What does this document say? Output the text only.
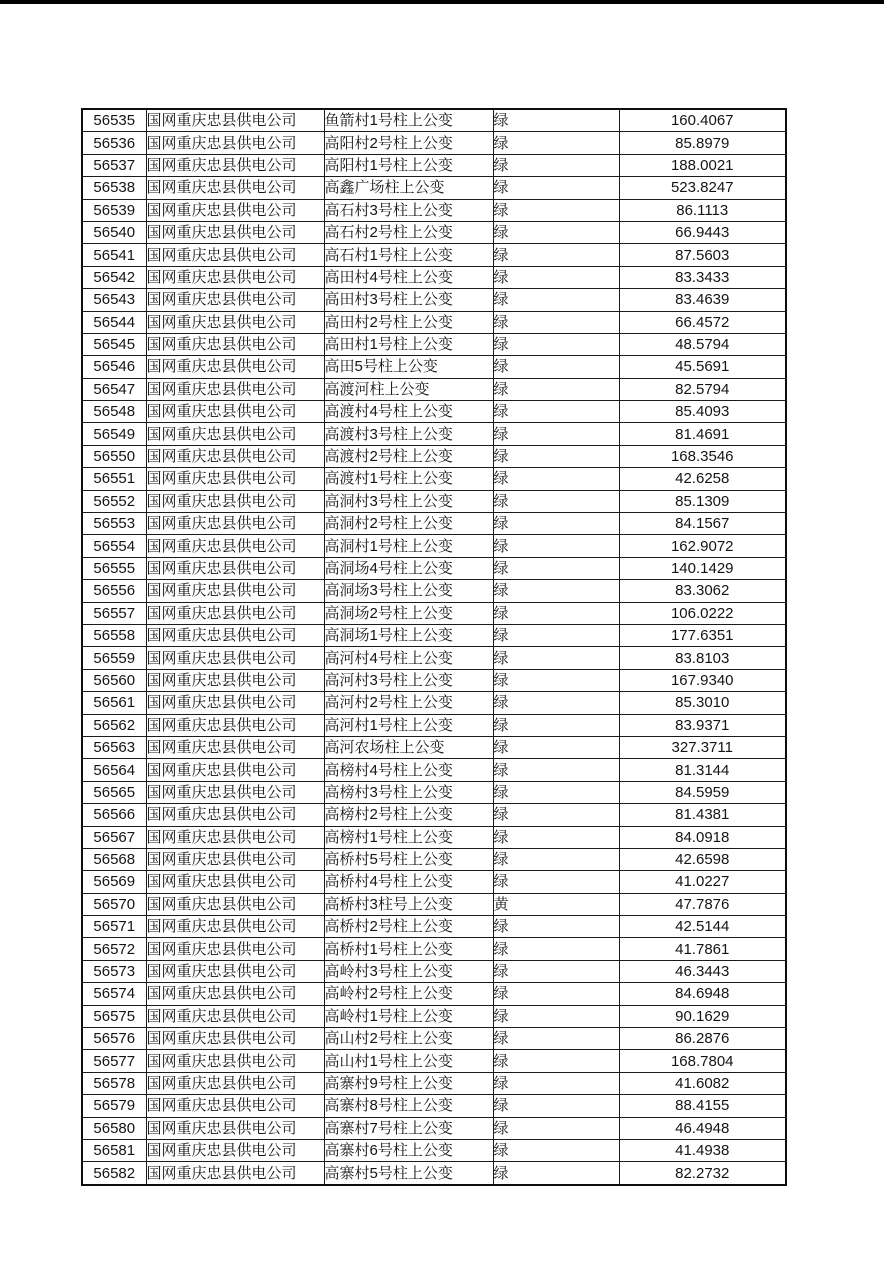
56535	国网重庆忠县供电公司	鱼箭村1号柱上公变	绿	160.4067
56536	国网重庆忠县供电公司	高阳村2号柱上公变	绿	85.8979
56537	国网重庆忠县供电公司	高阳村1号柱上公变	绿	188.0021
56538	国网重庆忠县供电公司	高鑫广场柱上公变	绿	523.8247
56539	国网重庆忠县供电公司	高石村3号柱上公变	绿	86.1113
56540	国网重庆忠县供电公司	高石村2号柱上公变	绿	66.9443
56541	国网重庆忠县供电公司	高石村1号柱上公变	绿	87.5603
56542	国网重庆忠县供电公司	高田村4号柱上公变	绿	83.3433
56543	国网重庆忠县供电公司	高田村3号柱上公变	绿	83.4639
56544	国网重庆忠县供电公司	高田村2号柱上公变	绿	66.4572
56545	国网重庆忠县供电公司	高田村1号柱上公变	绿	48.5794
56546	国网重庆忠县供电公司	高田5号柱上公变	绿	45.5691
56547	国网重庆忠县供电公司	高渡河柱上公变	绿	82.5794
56548	国网重庆忠县供电公司	高渡村4号柱上公变	绿	85.4093
56549	国网重庆忠县供电公司	高渡村3号柱上公变	绿	81.4691
56550	国网重庆忠县供电公司	高渡村2号柱上公变	绿	168.3546
56551	国网重庆忠县供电公司	高渡村1号柱上公变	绿	42.6258
56552	国网重庆忠县供电公司	高洞村3号柱上公变	绿	85.1309
56553	国网重庆忠县供电公司	高洞村2号柱上公变	绿	84.1567
56554	国网重庆忠县供电公司	高洞村1号柱上公变	绿	162.9072
56555	国网重庆忠县供电公司	高洞场4号柱上公变	绿	140.1429
56556	国网重庆忠县供电公司	高洞场3号柱上公变	绿	83.3062
56557	国网重庆忠县供电公司	高洞场2号柱上公变	绿	106.0222
56558	国网重庆忠县供电公司	高洞场1号柱上公变	绿	177.6351
56559	国网重庆忠县供电公司	高河村4号柱上公变	绿	83.8103
56560	国网重庆忠县供电公司	高河村3号柱上公变	绿	167.9340
56561	国网重庆忠县供电公司	高河村2号柱上公变	绿	85.3010
56562	国网重庆忠县供电公司	高河村1号柱上公变	绿	83.9371
56563	国网重庆忠县供电公司	高河农场柱上公变	绿	327.3711
56564	国网重庆忠县供电公司	高榜村4号柱上公变	绿	81.3144
56565	国网重庆忠县供电公司	高榜村3号柱上公变	绿	84.5959
56566	国网重庆忠县供电公司	高榜村2号柱上公变	绿	81.4381
56567	国网重庆忠县供电公司	高榜村1号柱上公变	绿	84.0918
56568	国网重庆忠县供电公司	高桥村5号柱上公变	绿	42.6598
56569	国网重庆忠县供电公司	高桥村4号柱上公变	绿	41.0227
56570	国网重庆忠县供电公司	高桥村3柱号上公变	黄	47.7876
56571	国网重庆忠县供电公司	高桥村2号柱上公变	绿	42.5144
56572	国网重庆忠县供电公司	高桥村1号柱上公变	绿	41.7861
56573	国网重庆忠县供电公司	高岭村3号柱上公变	绿	46.3443
56574	国网重庆忠县供电公司	高岭村2号柱上公变	绿	84.6948
56575	国网重庆忠县供电公司	高岭村1号柱上公变	绿	90.1629
56576	国网重庆忠县供电公司	高山村2号柱上公变	绿	86.2876
56577	国网重庆忠县供电公司	高山村1号柱上公变	绿	168.7804
56578	国网重庆忠县供电公司	高寨村9号柱上公变	绿	41.6082
56579	国网重庆忠县供电公司	高寨村8号柱上公变	绿	88.4155
56580	国网重庆忠县供电公司	高寨村7号柱上公变	绿	46.4948
56581	国网重庆忠县供电公司	高寨村6号柱上公变	绿	41.4938
56582	国网重庆忠县供电公司	高寨村5号柱上公变	绿	82.2732
